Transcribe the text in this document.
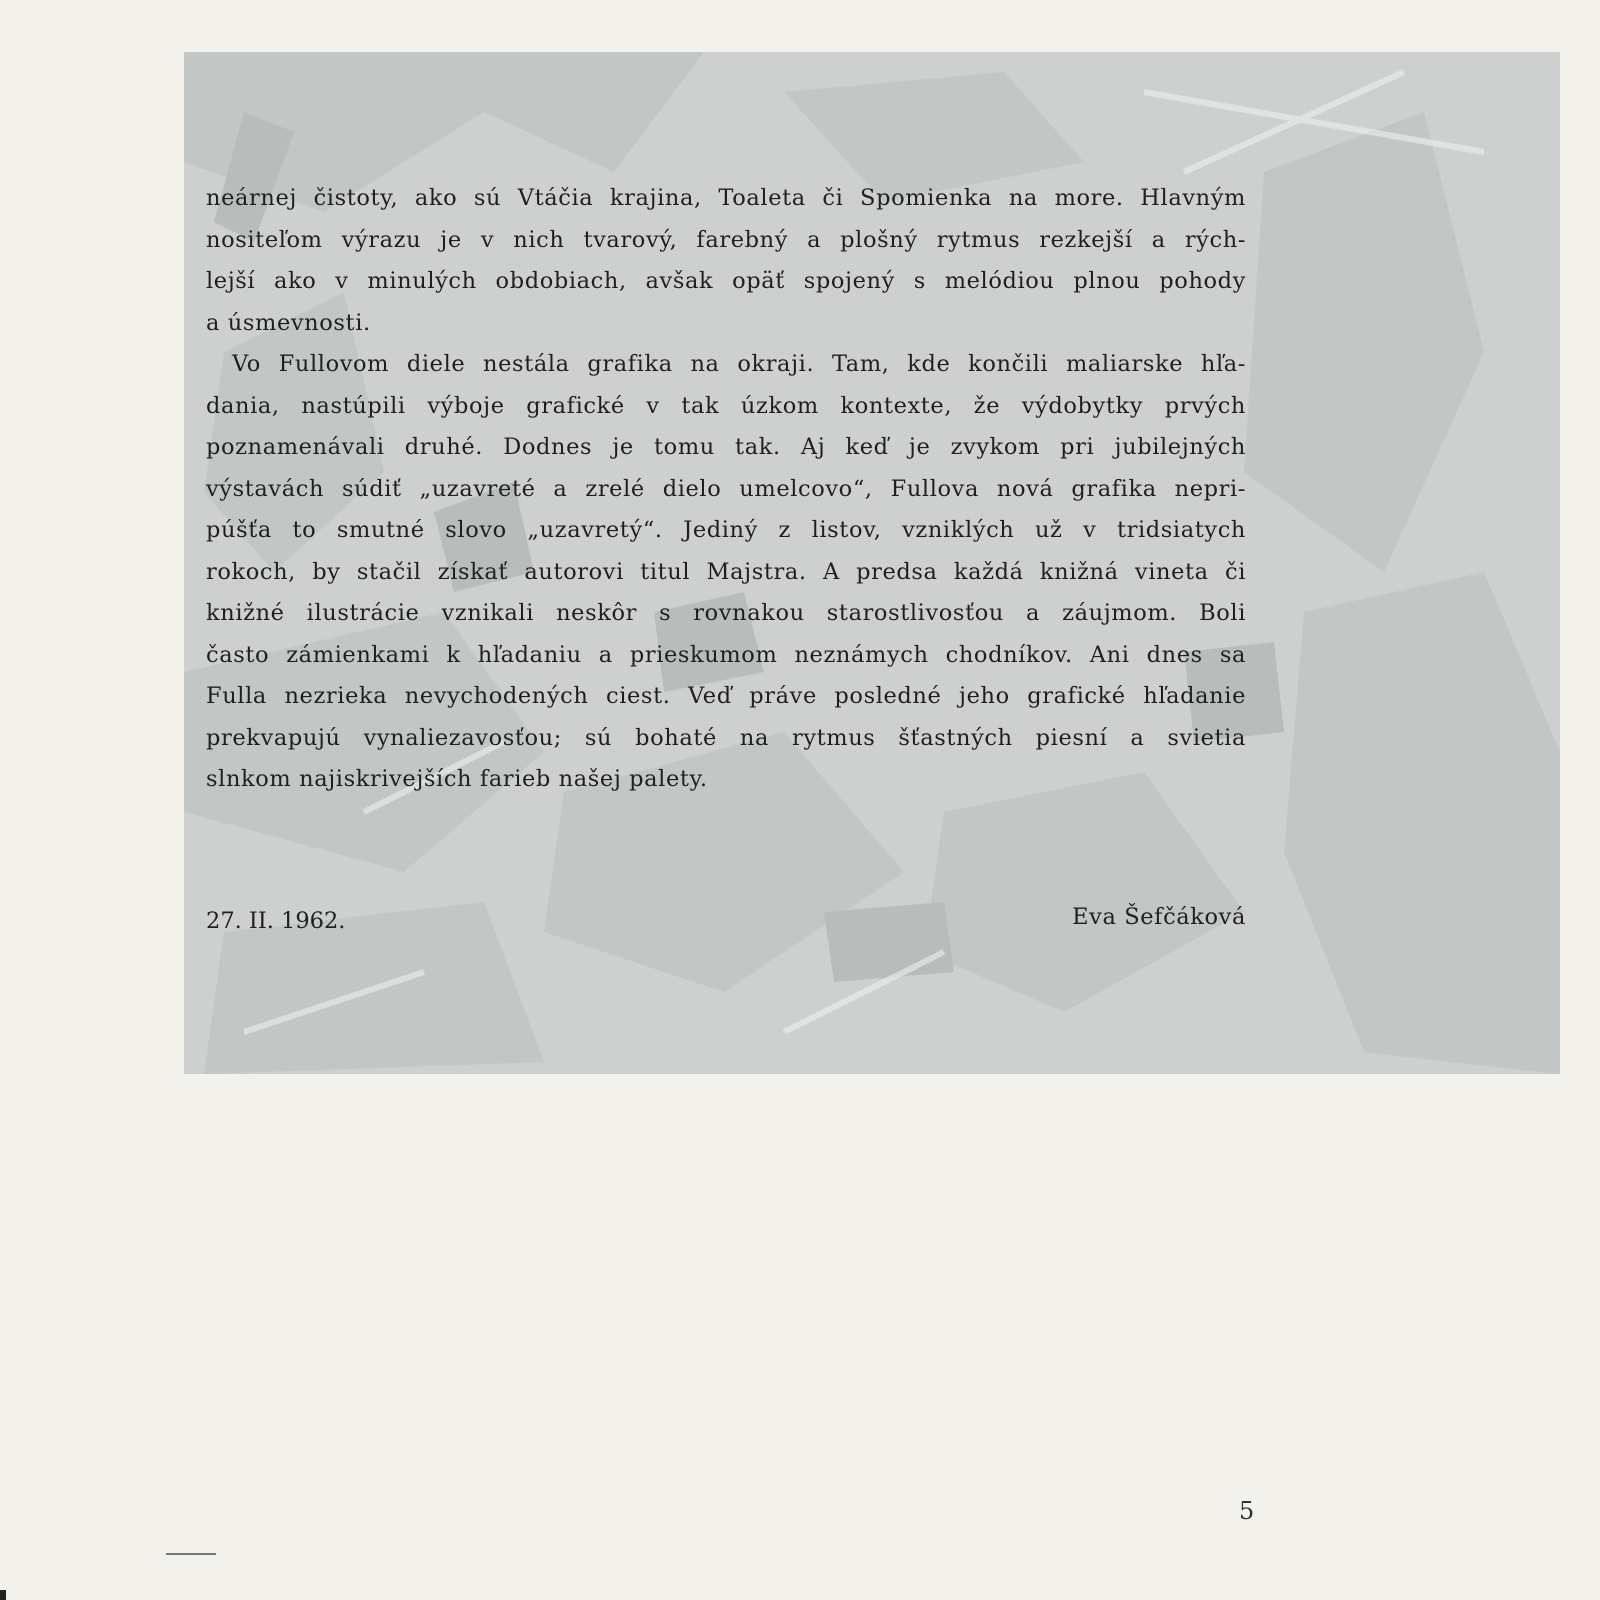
neárnej čistoty, ako sú Vtáčia krajina, Toaleta či Spomienka na more. Hlavným
nositeľom výrazu je v nich tvarový, farebný a plošný rytmus rezkejší a rých-
lejší ako v minulých obdobiach, avšak opäť spojený s melódiou plnou pohody
a úsmevnosti.
Vo Fullovom diele nestála grafika na okraji. Tam, kde končili maliarske hľa-
dania, nastúpili výboje grafické v tak úzkom kontexte, že výdobytky prvých
poznamenávali druhé. Dodnes je tomu tak. Aj keď je zvykom pri jubilejných
výstavách súdiť „uzavreté a zrelé dielo umelcovo“, Fullova nová grafika nepri-
púšťa to smutné slovo „uzavretý“. Jediný z listov, vzniklých už v tridsiatych
rokoch, by stačil získať autorovi titul Majstra. A predsa každá knižná vineta či
knižné ilustrácie vznikali neskôr s rovnakou starostlivosťou a záujmom. Boli
často zámienkami k hľadaniu a prieskumom neznámych chodníkov. Ani dnes sa
Fulla nezrieka nevychodených ciest. Veď práve posledné jeho grafické hľadanie
prekvapujú vynaliezavosťou; sú bohaté na rytmus šťastných piesní a svietia
slnkom najiskrivejších farieb našej palety.
27. II. 1962.	Eva Šefčáková
5
